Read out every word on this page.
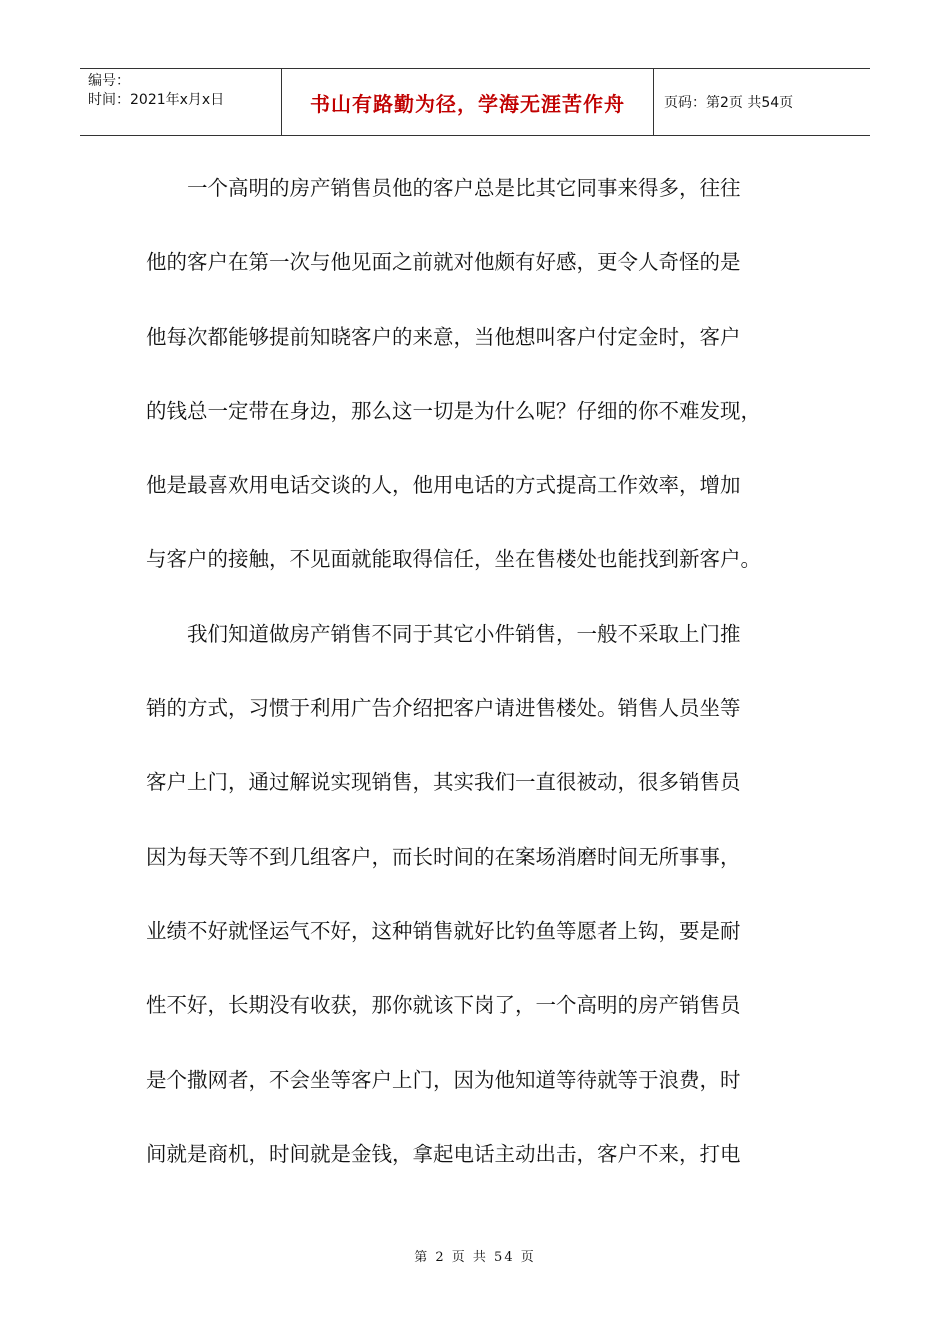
编号：
时间：2021年x月x日	书山有路勤为径，学海无涯苦作舟	页码：第2页 共54页

一个高明的房产销售员他的客户总是比其它同事来得多，往往

他的客户在第一次与他见面之前就对他颇有好感，更令人奇怪的是

他每次都能够提前知晓客户的来意，当他想叫客户付定金时，客户

的钱总一定带在身边，那么这一切是为什么呢？仔细的你不难发现，

他是最喜欢用电话交谈的人，他用电话的方式提高工作效率，增加

与客户的接触，不见面就能取得信任，坐在售楼处也能找到新客户。

我们知道做房产销售不同于其它小件销售，一般不采取上门推

销的方式，习惯于利用广告介绍把客户请进售楼处。销售人员坐等

客户上门，通过解说实现销售，其实我们一直很被动，很多销售员

因为每天等不到几组客户，而长时间的在案场消磨时间无所事事，

业绩不好就怪运气不好，这种销售就好比钓鱼等愿者上钩，要是耐

性不好，长期没有收获，那你就该下岗了，一个高明的房产销售员

是个撒网者，不会坐等客户上门，因为他知道等待就等于浪费，时

间就是商机，时间就是金钱，拿起电话主动出击，客户不来，打电

第 2 页 共 54 页
